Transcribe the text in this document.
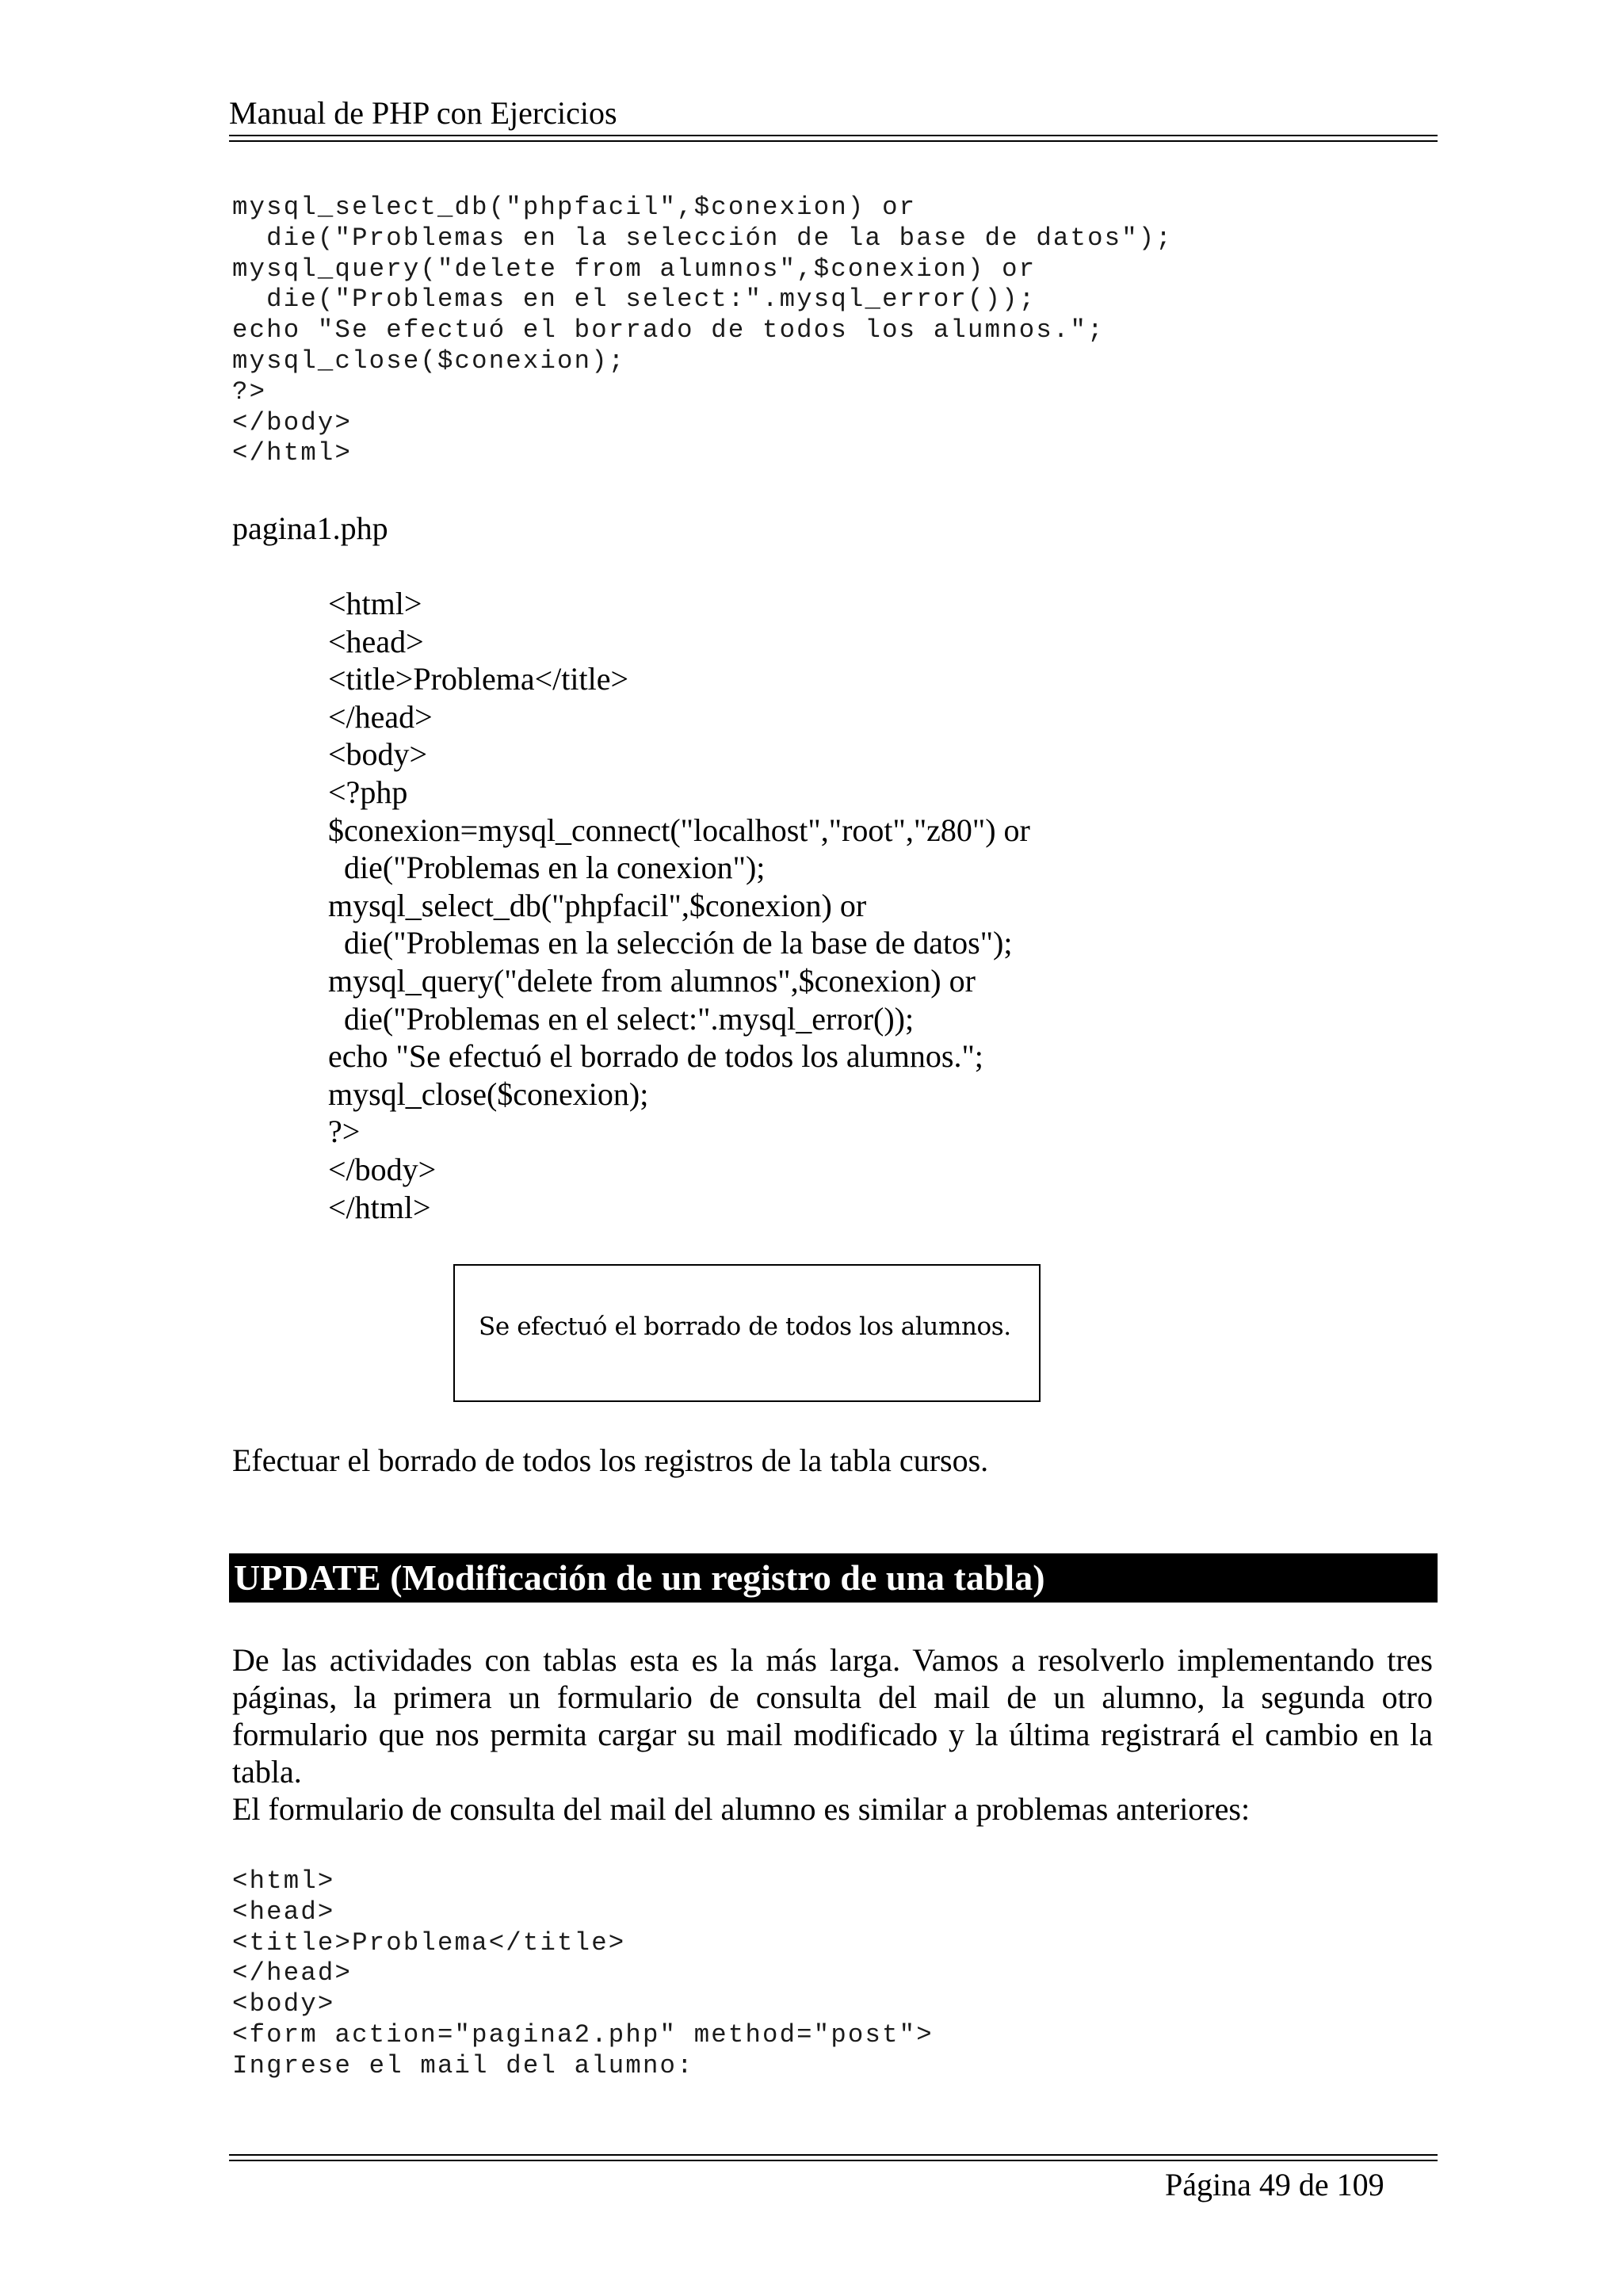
Manual de PHP con Ejercicios
mysql_select_db("phpfacil",$conexion) or
die("Problemas en la selección de la base de datos");
mysql_query("delete from alumnos",$conexion) or
die("Problemas en el select:".mysql_error());
echo "Se efectuó el borrado de todos los alumnos.";
mysql_close($conexion);
?>
</body>
</html>
pagina1.php
<html>
<head>
<title>Problema</title>
</head>
<body>
<?php
$conexion=mysql_connect("localhost","root","z80") or
die("Problemas en la conexion");
mysql_select_db("phpfacil",$conexion) or
die("Problemas en la selección de la base de datos");
mysql_query("delete from alumnos",$conexion) or
die("Problemas en el select:".mysql_error());
echo "Se efectuó el borrado de todos los alumnos.";
mysql_close($conexion);
?>
</body>
</html>
Se efectuó el borrado de todos los alumnos.
Efectuar el borrado de todos los registros de la tabla cursos.
UPDATE (Modificación de un registro de una tabla)
De las actividades con tablas esta es la más larga. Vamos a resolverlo implementando tres
páginas, la primera un formulario de consulta del mail de un alumno, la segunda otro
formulario que nos permita cargar su mail modificado y la última registrará el cambio en la
tabla.
El formulario de consulta del mail del alumno es similar a problemas anteriores:
<html>
<head>
<title>Problema</title>
</head>
<body>
<form action="pagina2.php" method="post">
Ingrese el mail del alumno:
Página 49 de 109
